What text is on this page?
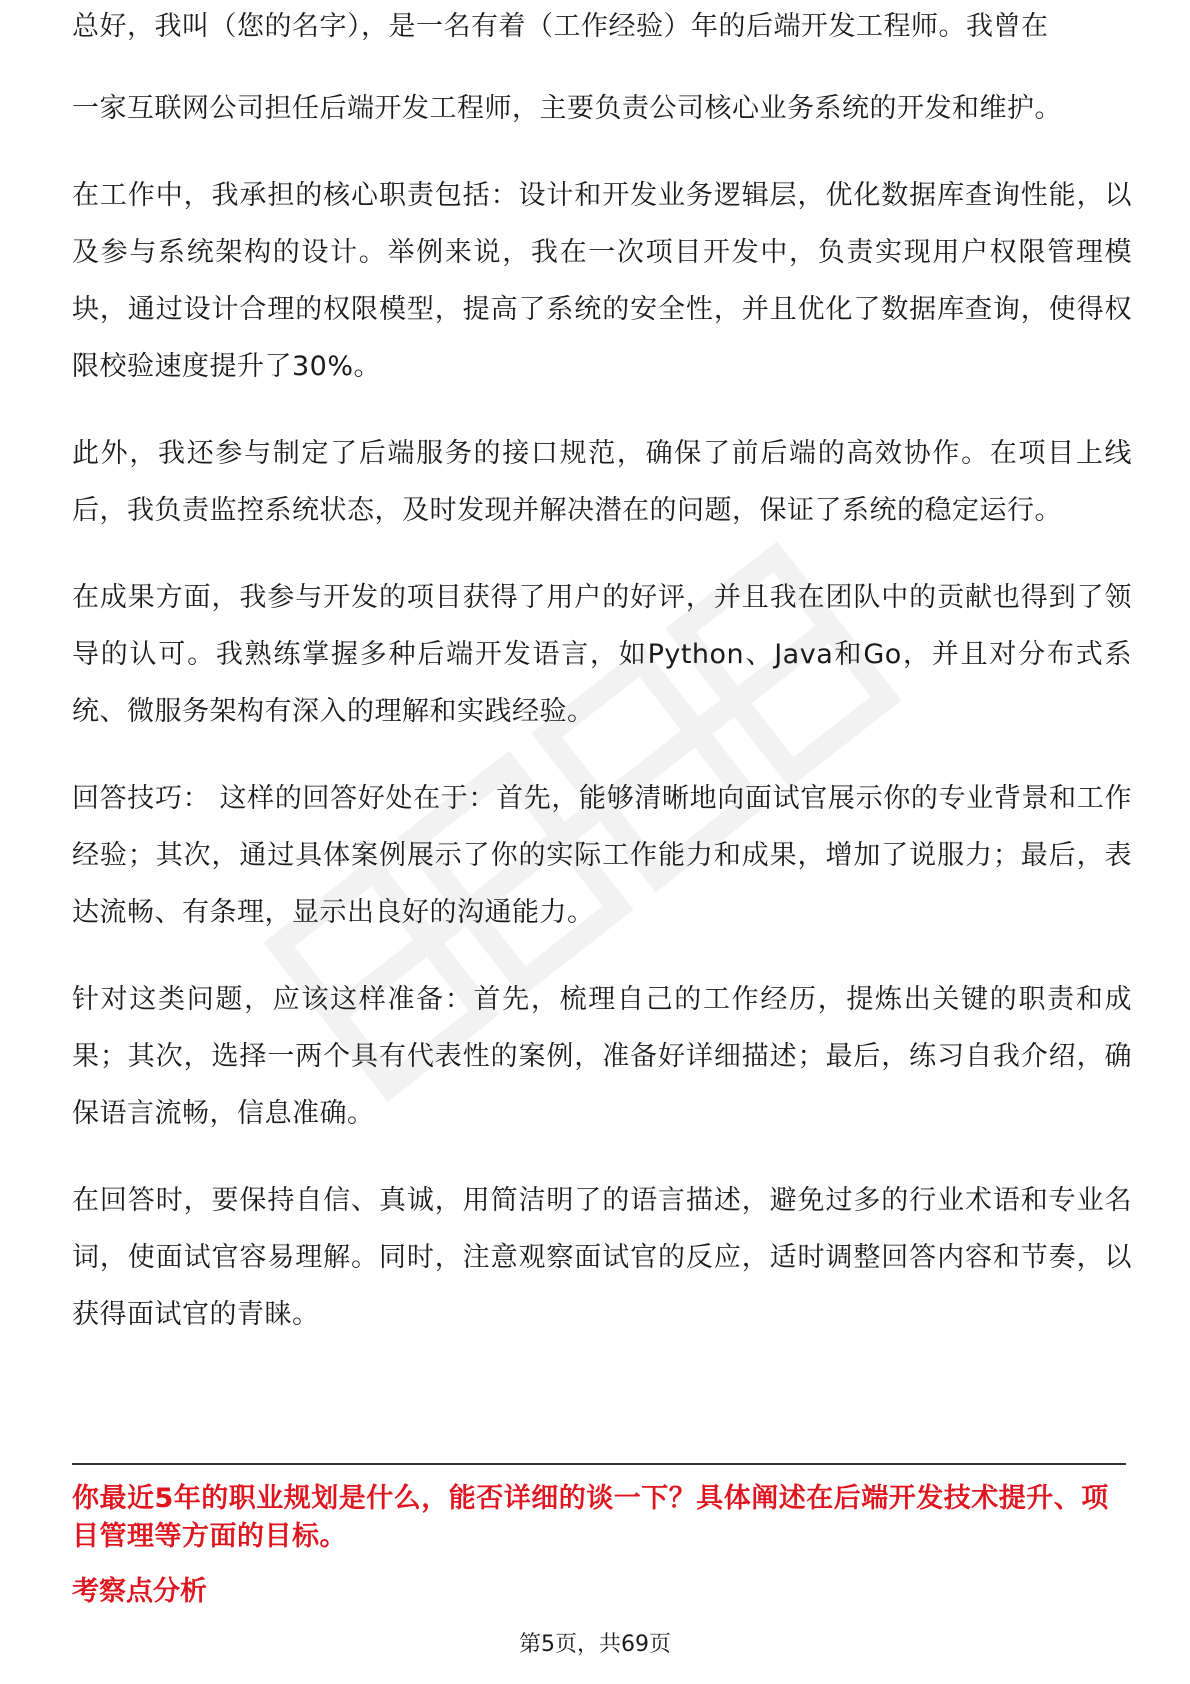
总好，我叫（您的名字），是一名有着（工作经验）年的后端开发工程师。我曾在

一家互联网公司担任后端开发工程师，主要负责公司核心业务系统的开发和维护。

在工作中，我承担的核心职责包括：设计和开发业务逻辑层，优化数据库查询性能，以及参与系统架构的设计。举例来说，我在一次项目开发中，负责实现用户权限管理模块，通过设计合理的权限模型，提高了系统的安全性，并且优化了数据库查询，使得权限校验速度提升了30%。

此外，我还参与制定了后端服务的接口规范，确保了前后端的高效协作。在项目上线后，我负责监控系统状态，及时发现并解决潜在的问题，保证了系统的稳定运行。

在成果方面，我参与开发的项目获得了用户的好评，并且我在团队中的贡献也得到了领导的认可。我熟练掌握多种后端开发语言，如Python、Java和Go，并且对分布式系统、微服务架构有深入的理解和实践经验。

回答技巧： 这样的回答好处在于：首先，能够清晰地向面试官展示你的专业背景和工作经验；其次，通过具体案例展示了你的实际工作能力和成果，增加了说服力；最后，表达流畅、有条理，显示出良好的沟通能力。

针对这类问题，应该这样准备：首先，梳理自己的工作经历，提炼出关键的职责和成果；其次，选择一两个具有代表性的案例，准备好详细描述；最后，练习自我介绍，确保语言流畅，信息准确。

在回答时，要保持自信、真诚，用简洁明了的语言描述，避免过多的行业术语和专业名词，使面试官容易理解。同时，注意观察面试官的反应，适时调整回答内容和节奏，以获得面试官的青睐。

你最近5年的职业规划是什么，能否详细的谈一下？具体阐述在后端开发技术提升、项目管理等方面的目标。
考察点分析
第5页，共69页
